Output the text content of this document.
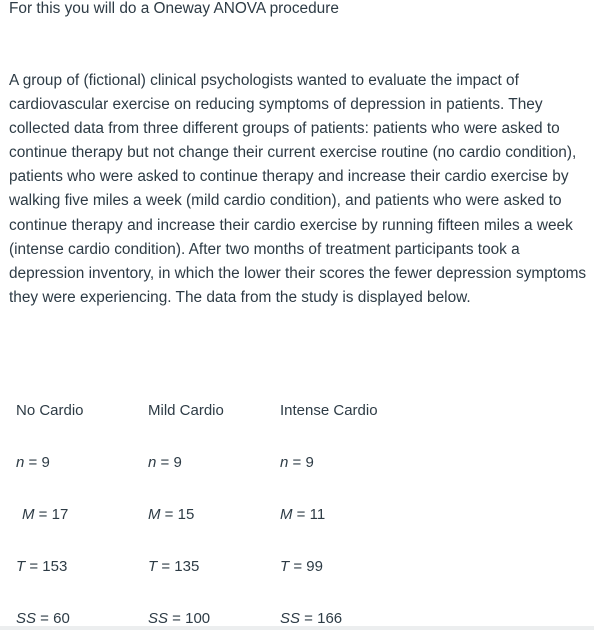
For this you will do a Oneway ANOVA procedure
A group of (fictional) clinical psychologists wanted to evaluate the impact of cardiovascular exercise on reducing symptoms of depression in patients. They collected data from three different groups of patients: patients who were asked to continue therapy but not change their current exercise routine (no cardio condition), patients who were asked to continue therapy and increase their cardio exercise by walking five miles a week (mild cardio condition), and patients who were asked to continue therapy and increase their cardio exercise by running fifteen miles a week (intense cardio condition). After two months of treatment participants took a depression inventory, in which the lower their scores the fewer depression symptoms they were experiencing. The data from the study is displayed below.
No Cardio	Mild Cardio	Intense Cardio
n = 9	n = 9	n = 9
M = 17	M = 15	M = 11
T = 153	T = 135	T = 99
SS = 60	SS = 100	SS = 166
